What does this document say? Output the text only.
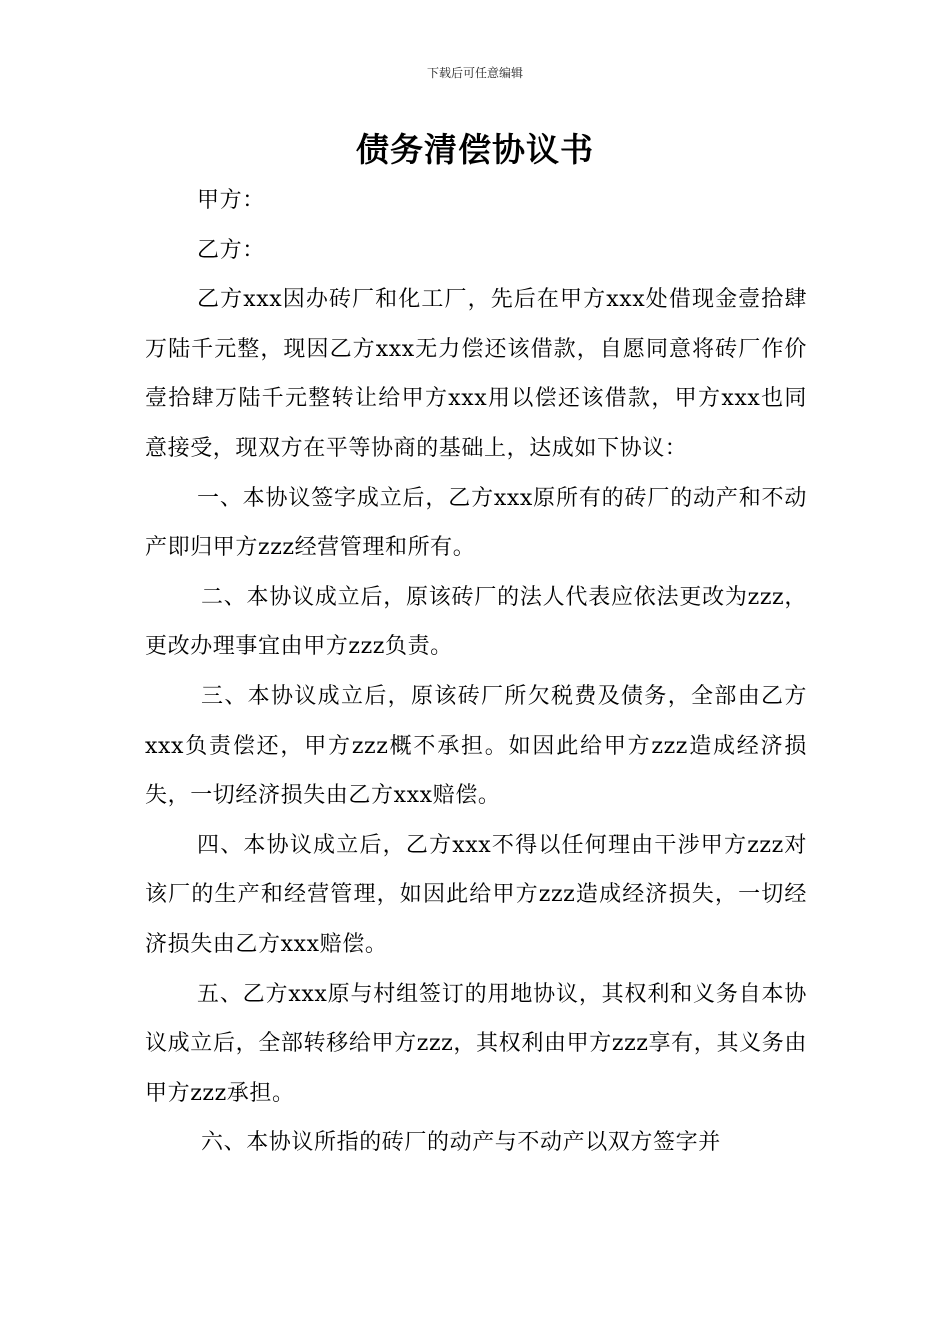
下载后可任意编辑
债务清偿协议书

甲方：

乙方：

乙方xxx因办砖厂和化工厂，先后在甲方xxx处借现金壹拾肆万陆千元整，现因乙方xxx无力偿还该借款，自愿同意将砖厂作价壹拾肆万陆千元整转让给甲方xxx用以偿还该借款，甲方xxx也同意接受，现双方在平等协商的基础上，达成如下协议：

一、本协议签字成立后，乙方xxx原所有的砖厂的动产和不动产即归甲方zzz经营管理和所有。

二、本协议成立后，原该砖厂的法人代表应依法更改为zzz，更改办理事宜由甲方zzz负责。

三、本协议成立后，原该砖厂所欠税费及债务，全部由乙方xxx负责偿还，甲方zzz概不承担。如因此给甲方zzz造成经济损失，一切经济损失由乙方xxx赔偿。

四、本协议成立后，乙方xxx不得以任何理由干涉甲方zzz对该厂的生产和经营管理，如因此给甲方zzz造成经济损失，一切经济损失由乙方xxx赔偿。

五、乙方xxx原与村组签订的用地协议，其权利和义务自本协议成立后，全部转移给甲方zzz，其权利由甲方zzz享有，其义务由甲方zzz承担。

六、本协议所指的砖厂的动产与不动产以双方签字并
